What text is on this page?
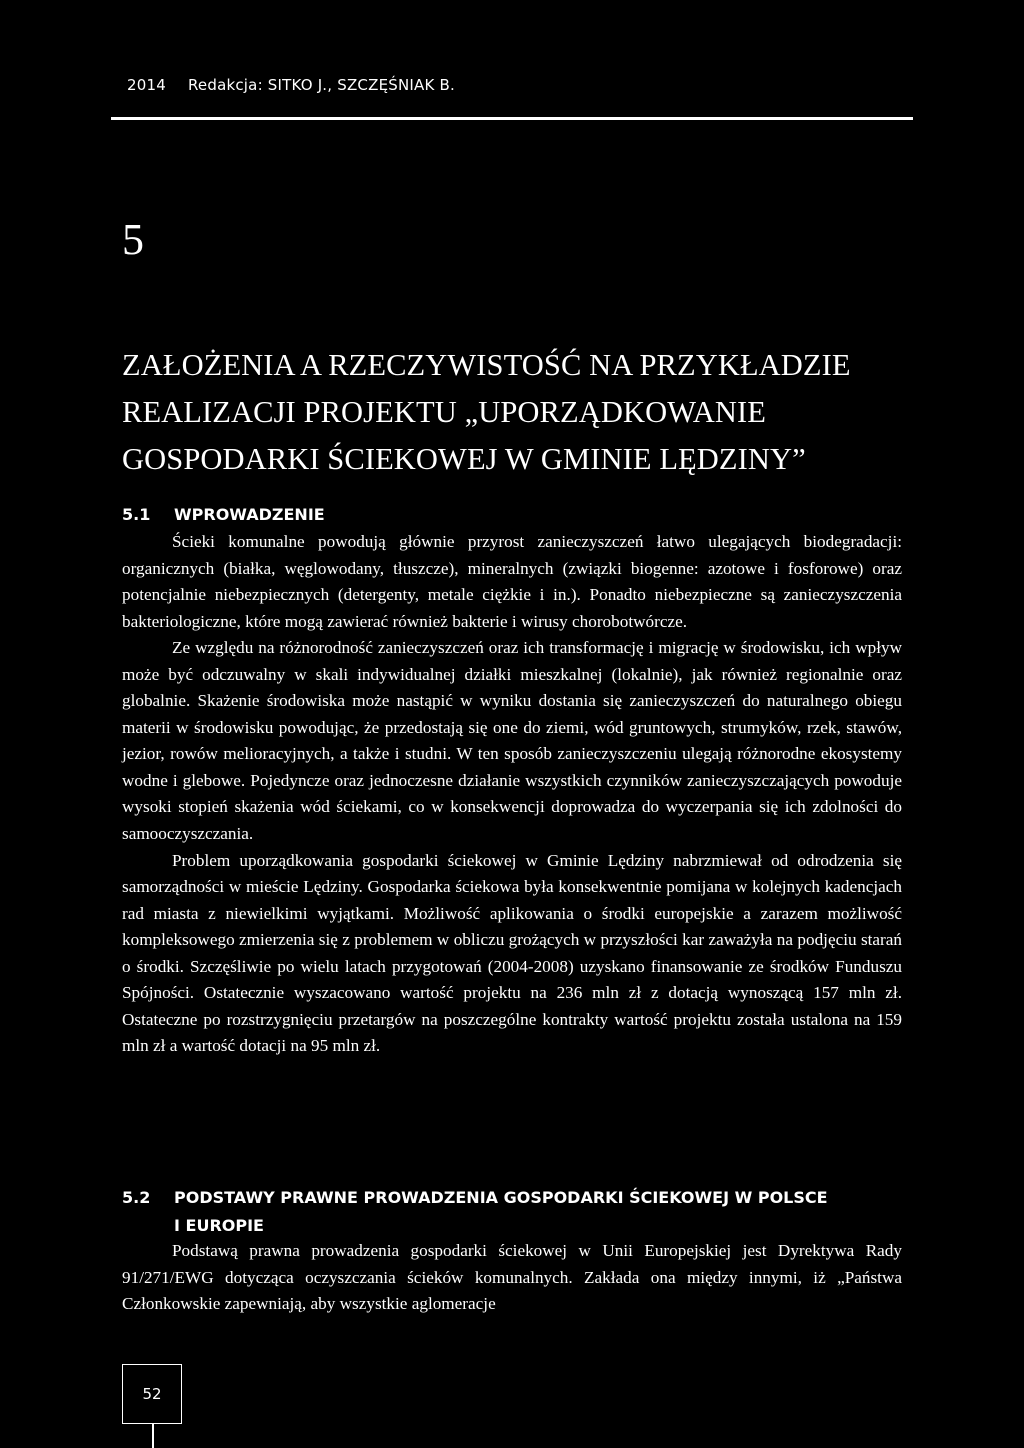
2014 Redakcja: SITKO J., SZCZĘŚNIAK B.
5
ZAŁOŻENIA A RZECZYWISTOŚĆ NA PRZYKŁADZIE
REALIZACJI PROJEKTU „UPORZĄDKOWANIE
GOSPODARKI ŚCIEKOWEJ W GMINIE LĘDZINY”
5.1 WPROWADZENIE

Ścieki komunalne powodują głównie przyrost zanieczyszczeń łatwo ulegających biodegradacji: organicznych (białka, węglowodany, tłuszcze), mineralnych (związki biogenne: azotowe i fosforowe) oraz potencjalnie niebezpiecznych (detergenty, metale ciężkie i in.). Ponadto niebezpieczne są zanieczyszczenia bakteriologiczne, które mogą zawierać również bakterie i wirusy chorobotwórcze.

Ze względu na różnorodność zanieczyszczeń oraz ich transformację i migrację w środowisku, ich wpływ może być odczuwalny w skali indywidualnej działki mieszkalnej (lokalnie), jak również regionalnie oraz globalnie. Skażenie środowiska może nastąpić w wyniku dostania się zanieczyszczeń do naturalnego obiegu materii w środowisku powodując, że przedostają się one do ziemi, wód gruntowych, strumyków, rzek, stawów, jezior, rowów melioracyjnych, a także i studni. W ten sposób zanieczyszczeniu ulegają różnorodne ekosystemy wodne i glebowe. Pojedyncze oraz jednoczesne działanie wszystkich czynników zanieczyszczających powoduje wysoki stopień skażenia wód ściekami, co w konsekwencji doprowadza do wyczerpania się ich zdolności do samooczyszczania.

Problem uporządkowania gospodarki ściekowej w Gminie Lędziny nabrzmiewał od odrodzenia się samorządności w mieście Lędziny. Gospodarka ściekowa była konsekwentnie pomijana w kolejnych kadencjach rad miasta z niewielkimi wyjątkami. Możliwość aplikowania o środki europejskie a zarazem możliwość kompleksowego zmierzenia się z problemem w obliczu grożących w przyszłości kar zaważyła na podjęciu starań o środki. Szczęśliwie po wielu latach przygotowań (2004-2008) uzyskano finansowanie ze środków Funduszu Spójności. Ostatecznie wyszacowano wartość projektu na 236 mln zł z dotacją wynoszącą 157 mln zł. Ostateczne po rozstrzygnięciu przetargów na poszczególne kontrakty wartość projektu została ustalona na 159 mln zł a wartość dotacji na 95 mln zł.

5.2 PODSTAWY PRAWNE PROWADZENIA GOSPODARKI ŚCIEKOWEJ W POLSCE
I EUROPIE

Podstawą prawna prowadzenia gospodarki ściekowej w Unii Europejskiej jest Dyrektywa Rady 91/271/EWG dotycząca oczyszczania ścieków komunalnych. Zakłada ona między innymi, iż „Państwa Członkowskie zapewniają, aby wszystkie aglomeracje

52
